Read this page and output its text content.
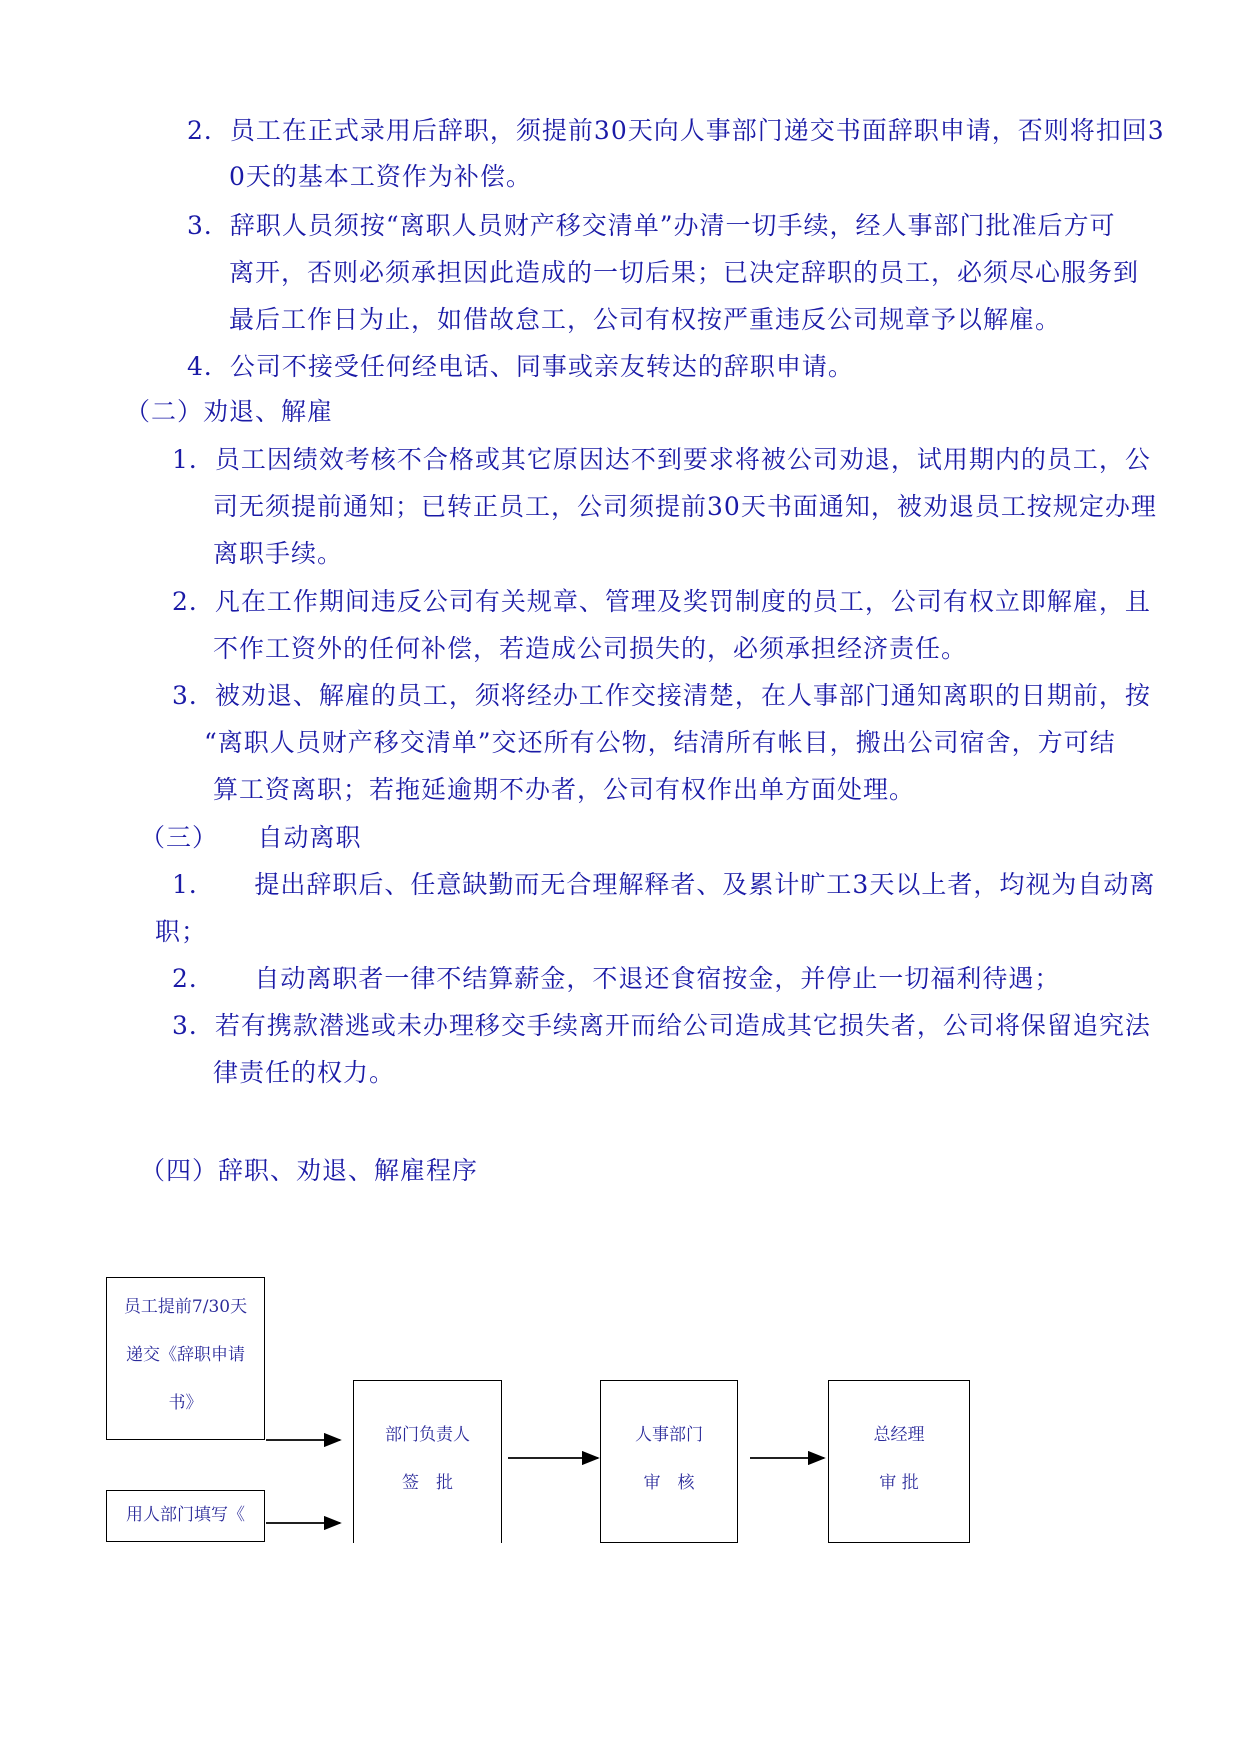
2．员工在正式录用后辞职，须提前30天向人事部门递交书面辞职申请，否则将扣回3
0天的基本工资作为补偿。
3．辞职人员须按“离职人员财产移交清单”办清一切手续，经人事部门批准后方可
离开，否则必须承担因此造成的一切后果；已决定辞职的员工，必须尽心服务到
最后工作日为止，如借故怠工，公司有权按严重违反公司规章予以解雇。
4．公司不接受任何经电话、同事或亲友转达的辞职申请。
（二）劝退、解雇
1．员工因绩效考核不合格或其它原因达不到要求将被公司劝退，试用期内的员工，公
司无须提前通知；已转正员工，公司须提前30天书面通知，被劝退员工按规定办理
离职手续。
2．凡在工作期间违反公司有关规章、管理及奖罚制度的员工，公司有权立即解雇，且
不作工资外的任何补偿，若造成公司损失的，必须承担经济责任。
3．被劝退、解雇的员工，须将经办工作交接清楚，在人事部门通知离职的日期前，按
“离职人员财产移交清单”交还所有公物，结清所有帐目，搬出公司宿舍，方可结
算工资离职；若拖延逾期不办者，公司有权作出单方面处理。
（三）　　自动离职
1．　　提出辞职后、任意缺勤而无合理解释者、及累计旷工3天以上者，均视为自动离
职；
2．　　自动离职者一律不结算薪金，不退还食宿按金，并停止一切福利待遇；
3．若有携款潜逃或未办理移交手续离开而给公司造成其它损失者，公司将保留追究法
律责任的权力。
（四）辞职、劝退、解雇程序
员工提前7/30天
递交《辞职申请
书》
用人部门填写《
部门负责人
签　批
人事部门
审　核
总经理
审 批
